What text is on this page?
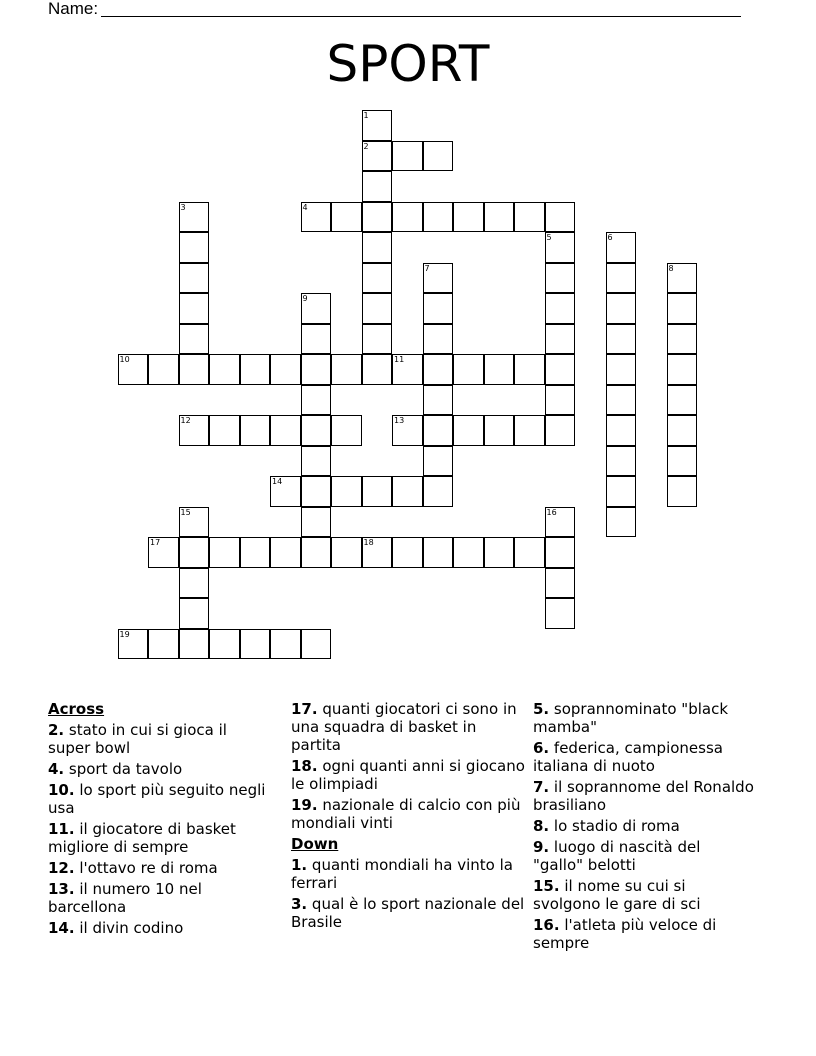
Name:
SPORT
1
2
3	4
5	6
7	8
9
10	11
12	13
14
15	16
17	18
19
Across
2. stato in cui si gioca il super bowl
4. sport da tavolo
10. lo sport più seguito negli usa
11. il giocatore di basket migliore di sempre
12. l'ottavo re di roma
13. il numero 10 nel barcellona
14. il divin codino
17. quanti giocatori ci sono in una squadra di basket in partita
18. ogni quanti anni si giocano le olimpiadi
19. nazionale di calcio con più mondiali vinti
Down
1. quanti mondiali ha vinto la ferrari
3. qual è lo sport nazionale del Brasile
5. soprannominato "black mamba"
6. federica, campionessa italiana di nuoto
7. il soprannome del Ronaldo brasiliano
8. lo stadio di roma
9. luogo di nascità del "gallo" belotti
15. il nome su cui si svolgono le gare di sci
16. l'atleta più veloce di sempre
